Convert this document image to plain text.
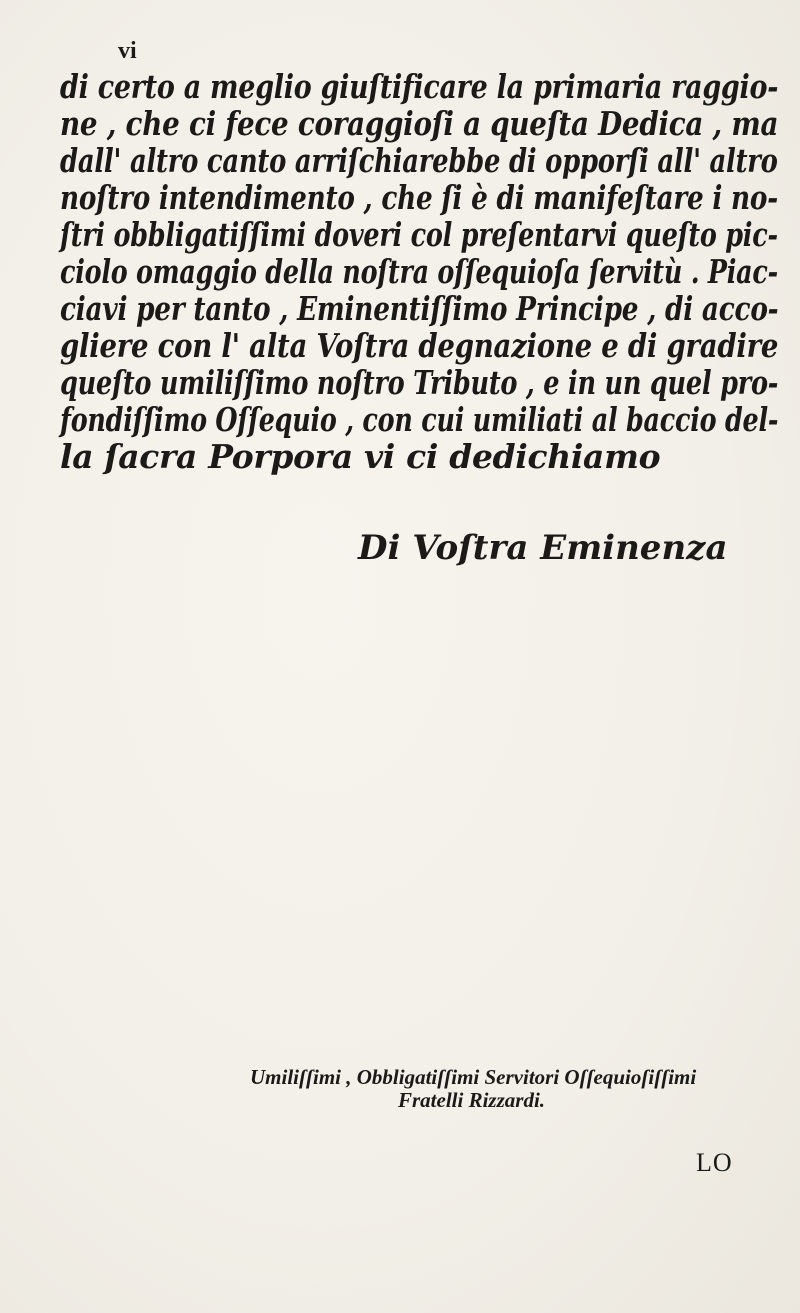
vi
di certo a meglio giuſtificare la primaria raggio-
ne , che ci fece coraggioſi a queſta Dedica , ma
dall' altro canto arriſchiarebbe di opporſi all' altro
noſtro intendimento , che ſi è di manifeſtare i no-
ſtri obbligatiſſimi doveri col preſentarvi queſto pic-
ciolo omaggio della noſtra oſſequioſa ſervitù . Piac-
ciavi per tanto , Eminentiſſimo Principe , di acco-
gliere con l' alta Voſtra degnazione e di gradire
queſto umiliſſimo noſtro Tributo , e in un quel pro-
fondiſſimo Oſſequio , con cui umiliati al baccio del-
la ſacra Porpora vi ci dedichiamo
Di Voſtra Eminenza
Umiliſſimi , Obbligatiſſimi Servitori Oſſequioſiſſimi
Fratelli Rizzardi.
LO
